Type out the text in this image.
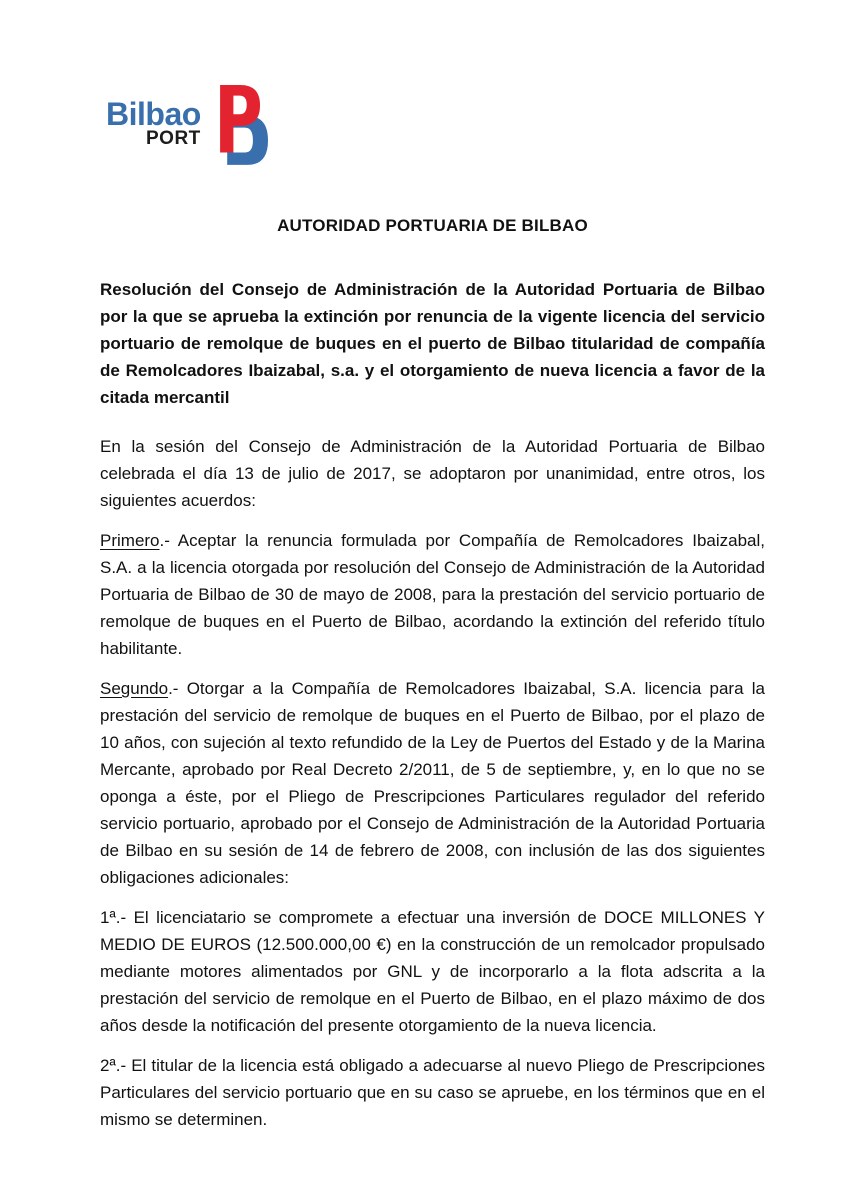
Bilbao
PORT
AUTORIDAD PORTUARIA DE BILBAO

Resolución del Consejo de Administración de la Autoridad Portuaria de Bilbao por la que se aprueba la extinción por renuncia de la vigente licencia del servicio portuario de remolque de buques en el puerto de Bilbao titularidad de compañía de Remolcadores Ibaizabal, s.a. y el otorgamiento de nueva licencia a favor de la citada mercantil

En la sesión del Consejo de Administración de la Autoridad Portuaria de Bilbao celebrada el día 13 de julio de 2017, se adoptaron por unanimidad, entre otros, los siguientes acuerdos:

Primero.- Aceptar la renuncia formulada por Compañía de Remolcadores Ibaizabal, S.A. a la licencia otorgada por resolución del Consejo de Administración de la Autoridad Portuaria de Bilbao de 30 de mayo de 2008, para la prestación del servicio portuario de remolque de buques en el Puerto de Bilbao, acordando la extinción del referido título habilitante.

Segundo.- Otorgar a la Compañía de Remolcadores Ibaizabal, S.A. licencia para la prestación del servicio de remolque de buques en el Puerto de Bilbao, por el plazo de 10 años, con sujeción al texto refundido de la Ley de Puertos del Estado y de la Marina Mercante, aprobado por Real Decreto 2/2011, de 5 de septiembre, y, en lo que no se oponga a éste, por el Pliego de Prescripciones Particulares regulador del referido servicio portuario, aprobado por el Consejo de Administración de la Autoridad Portuaria de Bilbao en su sesión de 14 de febrero de 2008, con inclusión de las dos siguientes obligaciones adicionales:

1ª.- El licenciatario se compromete a efectuar una inversión de DOCE MILLONES Y MEDIO DE EUROS (12.500.000,00 €) en la construcción de un remolcador propulsado mediante motores alimentados por GNL y de incorporarlo a la flota adscrita a la prestación del servicio de remolque en el Puerto de Bilbao, en el plazo máximo de dos años desde la notificación del presente otorgamiento de la nueva licencia.

2ª.- El titular de la licencia está obligado a adecuarse al nuevo Pliego de Prescripciones Particulares del servicio portuario que en su caso se apruebe, en los términos que en el mismo se determinen.
